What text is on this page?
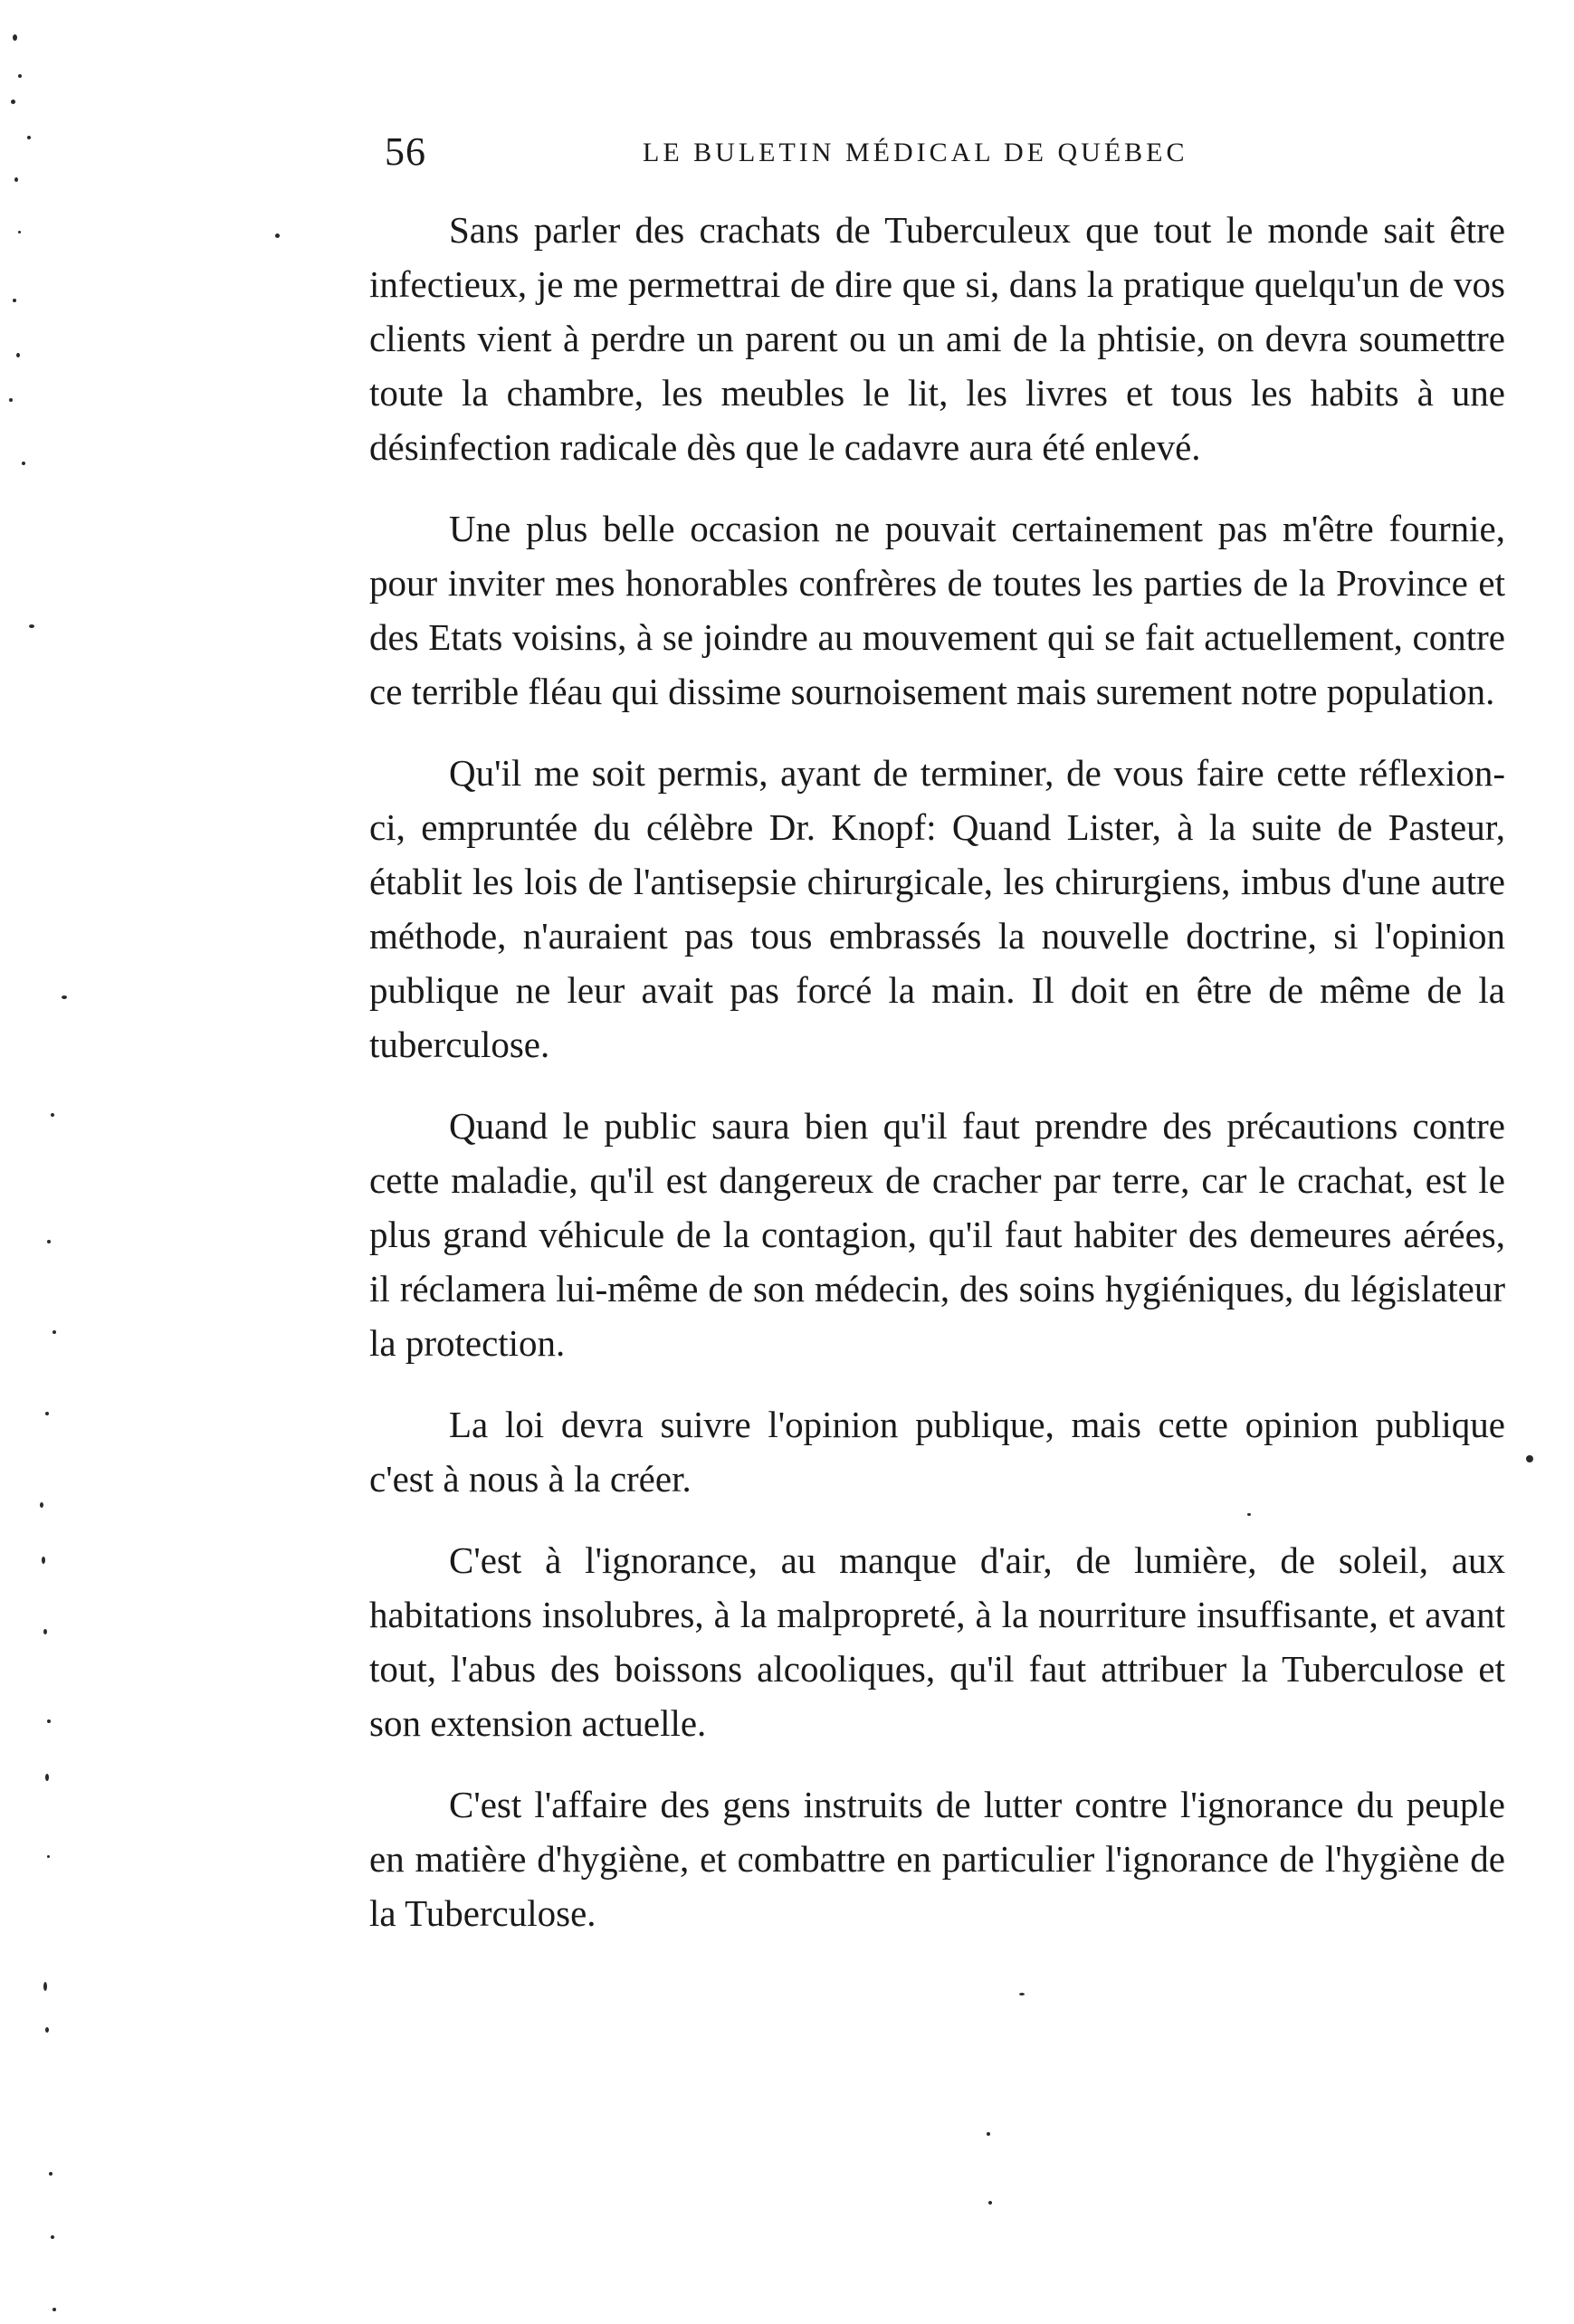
56	LE BULETIN MÉDICAL DE QUÉBEC

Sans parler des crachats de Tuberculeux que tout le monde sait être infectieux, je me permettrai de dire que si, dans la pratique quelqu'un de vos clients vient à perdre un parent ou un ami de la phtisie, on devra soumettre toute la chambre, les meubles le lit, les livres et tous les habits à une désinfection radicale dès que le cadavre aura été enlevé.

Une plus belle occasion ne pouvait certainement pas m'être fournie, pour inviter mes honorables confrères de toutes les parties de la Province et des Etats voisins, à se joindre au mouvement qui se fait actuellement, contre ce terrible fléau qui dissime sournoisement mais surement notre population.

Qu'il me soit permis, ayant de terminer, de vous faire cette réflexion-ci, empruntée du célèbre Dr. Knopf: Quand Lister, à la suite de Pasteur, établit les lois de l'antisepsie chirurgicale, les chirurgiens, imbus d'une autre méthode, n'auraient pas tous embrassés la nouvelle doctrine, si l'opinion publique ne leur avait pas forcé la main. Il doit en être de même de la tuberculose.

Quand le public saura bien qu'il faut prendre des précautions contre cette maladie, qu'il est dangereux de cracher par terre, car le crachat, est le plus grand véhicule de la contagion, qu'il faut habiter des demeures aérées, il réclamera lui-même de son médecin, des soins hygiéniques, du législateur la protection.

La loi devra suivre l'opinion publique, mais cette opinion publique c'est à nous à la créer.

C'est à l'ignorance, au manque d'air, de lumière, de soleil, aux habitations insolubres, à la malpropreté, à la nourriture insuffisante, et avant tout, l'abus des boissons alcooliques, qu'il faut attribuer la Tuberculose et son extension actuelle.

C'est l'affaire des gens instruits de lutter contre l'ignorance du peuple en matière d'hygiène, et combattre en particulier l'ignorance de l'hygiène de la Tuberculose.
